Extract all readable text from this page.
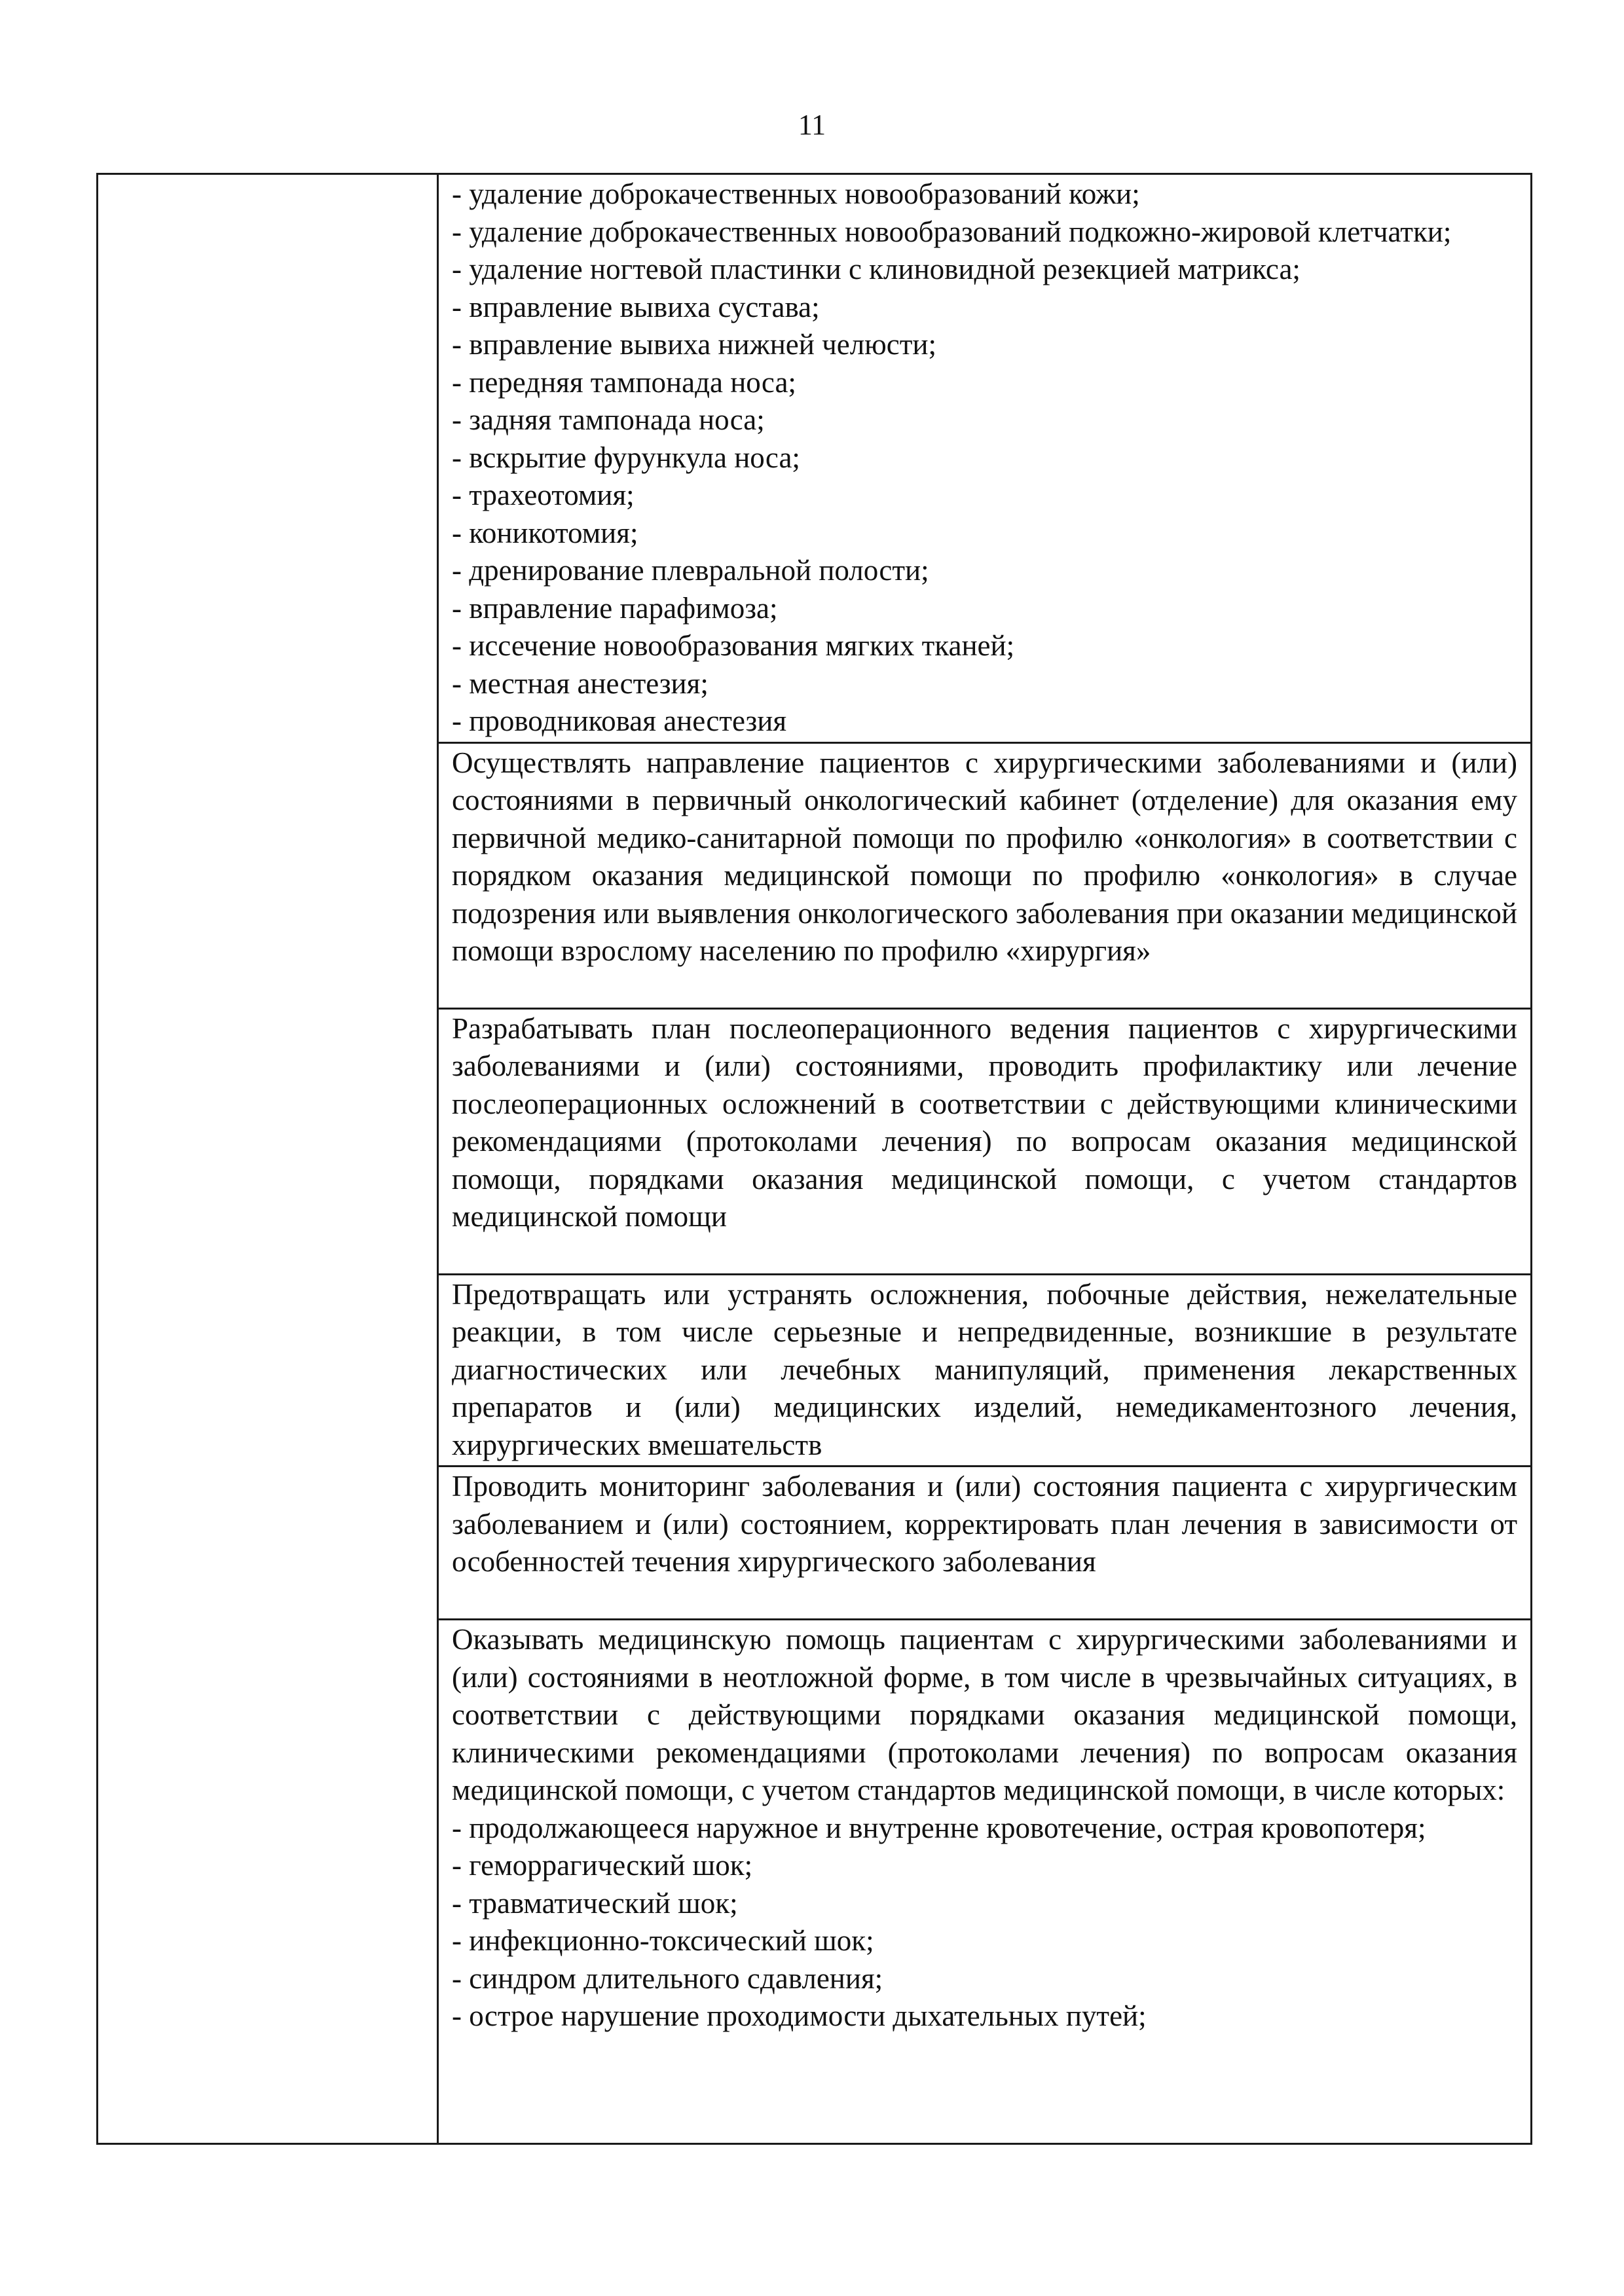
11

- удаление доброкачественных новообразований кожи;
- удаление доброкачественных новообразований подкожно-жировой клетчатки;
- удаление ногтевой пластинки с клиновидной резекцией матрикса;
- вправление вывиха сустава;
- вправление вывиха нижней челюсти;
- передняя тампонада носа;
- задняя тампонада носа;
- вскрытие фурункула носа;
- трахеотомия;
- коникотомия;
- дренирование плевральной полости;
- вправление парафимоза;
- иссечение новообразования мягких тканей;
- местная анестезия;
- проводниковая анестезия

Осуществлять направление пациентов с хирургическими заболеваниями и (или) состояниями в первичный онкологический кабинет (отделение) для оказания ему первичной медико-санитарной помощи по профилю «онкология» в соответствии с порядком оказания медицинской помощи по профилю «онкология» в случае подозрения или выявления онкологического заболевания при оказании медицинской помощи взрослому населению по профилю «хирургия»

Разрабатывать план послеоперационного ведения пациентов с хирургическими заболеваниями и (или) состояниями, проводить профилактику или лечение послеоперационных осложнений в соответствии с действующими клиническими рекомендациями (протоколами лечения) по вопросам оказания медицинской помощи, порядками оказания медицинской помощи, с учетом стандартов медицинской помощи

Предотвращать или устранять осложнения, побочные действия, нежелательные реакции, в том числе серьезные и непредвиденные, возникшие в результате диагностических или лечебных манипуляций, применения лекарственных препаратов и (или) медицинских изделий, немедикаментозного лечения, хирургических вмешательств

Проводить мониторинг заболевания и (или) состояния пациента с хирургическим заболеванием и (или) состоянием, корректировать план лечения в зависимости от особенностей течения хирургического заболевания

Оказывать медицинскую помощь пациентам с хирургическими заболеваниями и (или) состояниями в неотложной форме, в том числе в чрезвычайных ситуациях, в соответствии с действующими порядками оказания медицинской помощи, клиническими рекомендациями (протоколами лечения) по вопросам оказания медицинской помощи, с учетом стандартов медицинской помощи, в числе которых:

- продолжающееся наружное и внутренне кровотечение, острая кровопотеря;
- геморрагический шок;
- травматический шок;
- инфекционно-токсический шок;
- синдром длительного сдавления;
- острое нарушение проходимости дыхательных путей;
